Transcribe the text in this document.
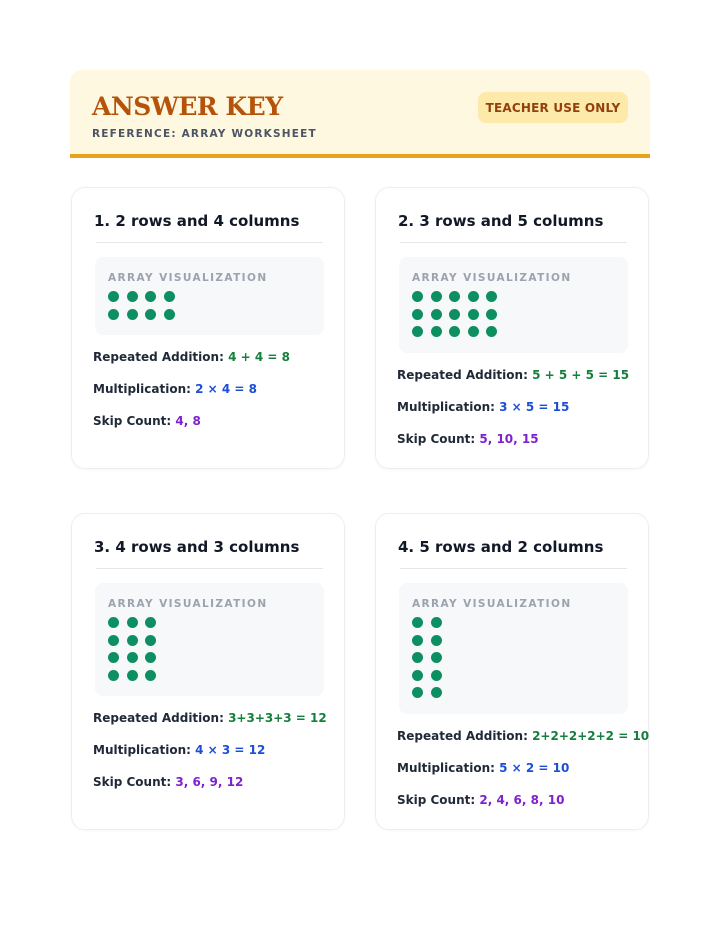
ANSWER KEY
REFERENCE: ARRAY WORKSHEET
TEACHER USE ONLY
1. 2 rows and 4 columns
ARRAY VISUALIZATION
Repeated Addition: 4 + 4 = 8
Multiplication: 2 × 4 = 8
Skip Count: 4, 8
2. 3 rows and 5 columns
ARRAY VISUALIZATION
Repeated Addition: 5 + 5 + 5 = 15
Multiplication: 3 × 5 = 15
Skip Count: 5, 10, 15
3. 4 rows and 3 columns
ARRAY VISUALIZATION
Repeated Addition: 3+3+3+3 = 12
Multiplication: 4 × 3 = 12
Skip Count: 3, 6, 9, 12
4. 5 rows and 2 columns
ARRAY VISUALIZATION
Repeated Addition: 2+2+2+2+2 = 10
Multiplication: 5 × 2 = 10
Skip Count: 2, 4, 6, 8, 10
